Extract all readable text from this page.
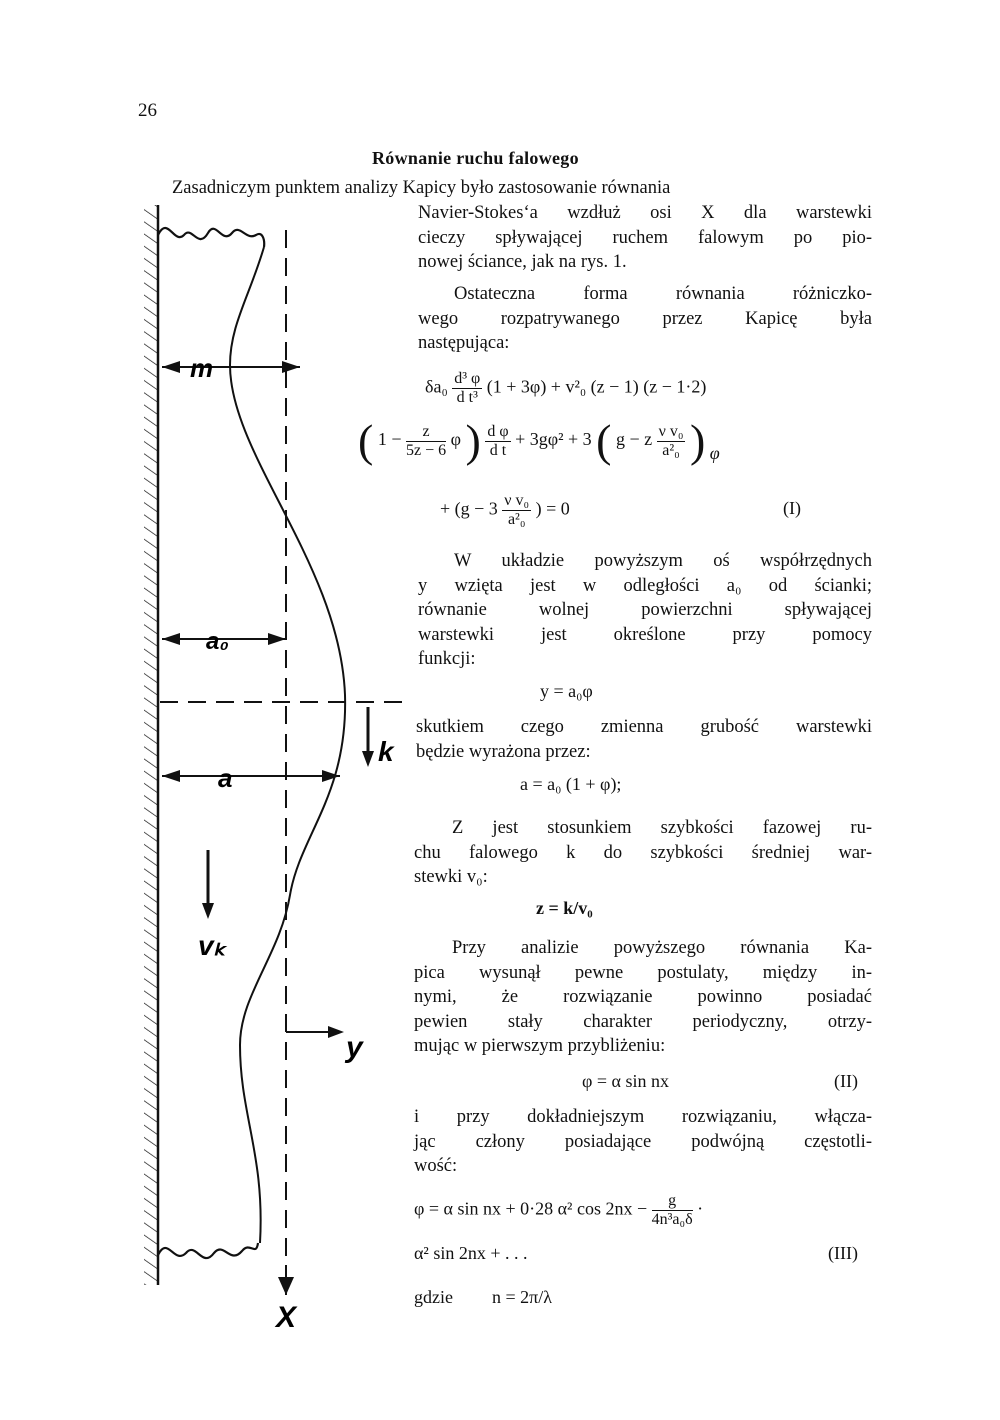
26
Równanie ruchu falowego
Zasadniczym punktem analizy Kapicy było zastosowanie równania
Navier-Stokes‘a wzdłuż osi X dla warstewki
cieczy spływającej ruchem falowym po pio-
nowej ściance, jak na rys. 1.
Ostateczna forma równania różniczko-
wego rozpatrywanego przez Kapicę była
następująca:
$\delta a_0 \frac{\text{d³ φ}}{\text{d t³}} (1 + 3\varphi) + v^2_0$ (z − 1) (z − 1·2)
( $1 - \frac{z}{5z - 6}$ φ ) $\frac{\text{d φ}}{\text{d t}} + 3g\varphi^2 + 3$ ( g − z $\frac{\text{ν v₀}}{\text{a²₀}}$ ) φ
+ ($g - 3 \frac{\text{ν v₀}}{\text{a²₀}}$ ) = 0	(I)
W układzie powyższym oś współrzędnych
y wzięta jest w odległości a₀ od ścianki;
równanie wolnej powierzchni spływającej
warstewki jest określone przy pomocy
funkcji:
y = a₀φ
skutkiem czego zmienna grubość warstewki
będzie wyrażona przez:
a = a₀ (1 + φ);
Z jest stosunkiem szybkości fazowej ru-
chu falowego k do szybkości średniej war-
stewki v₀:
z = k/v₀
Przy analizie powyższego równania Ka-
pica wysunął pewne postulaty, między in-
nymi, że rozwiązanie powinno posiadać
pewien stały charakter periodyczny, otrzy-
mując w pierwszym przybliżeniu:
φ = α sin nx	(II)
i przy dokładniejszym rozwiązaniu, włącza-
jąc człony posiadające podwójną częstotli-
wość:
φ = α sin nx + 0·28 α² $\cos 2nx - \frac{g}{\text{4n³a₀δ}}$ ·
α² sin 2nx + . . .	(III)
gdzie n = 2π/λ
m
a₀
a
k
vₖ
y
X
